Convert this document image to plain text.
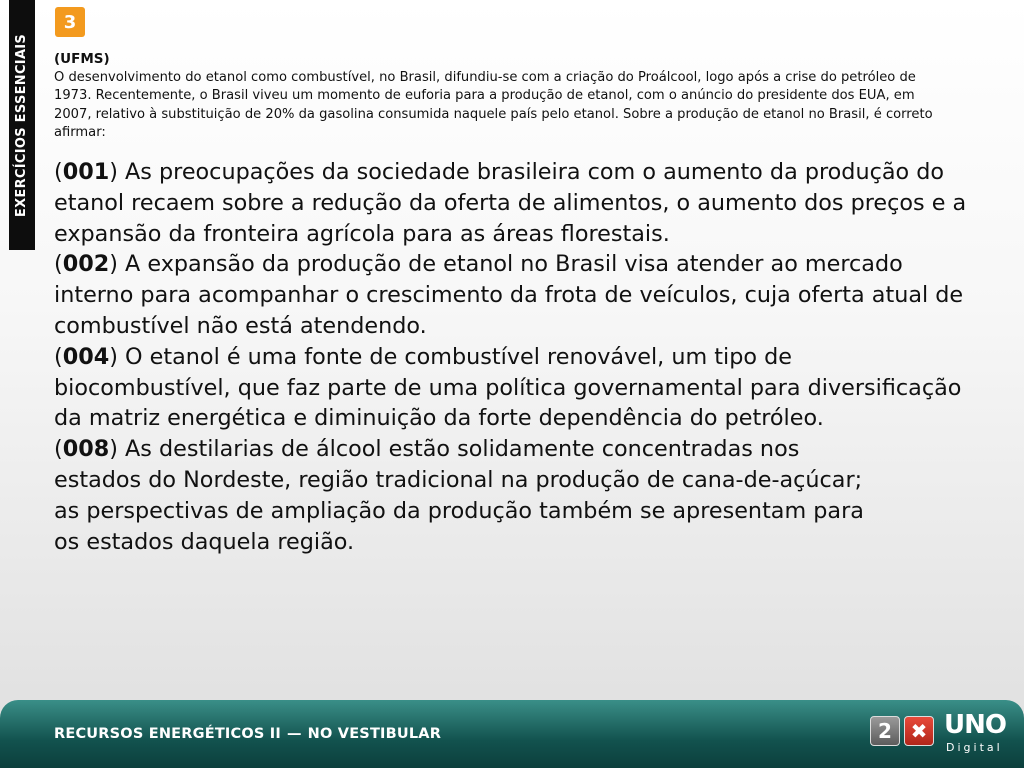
EXERCÍCIOS ESSENCIAIS
3
(UFMS)
O desenvolvimento do etanol como combustível, no Brasil, difundiu-se com a criação do Proálcool, logo após a crise do petróleo de 1973. Recentemente, o Brasil viveu um momento de euforia para a produção de etanol, com o anúncio do presidente dos EUA, em 2007, relativo à substituição de 20% da gasolina consumida naquele país pelo etanol. Sobre a produção de etanol no Brasil, é correto afirmar:

(001) As preocupações da sociedade brasileira com o aumento da produção do etanol recaem sobre a redução da oferta de alimentos, o aumento dos preços e a expansão da fronteira agrícola para as áreas florestais.

(002) A expansão da produção de etanol no Brasil visa atender ao mercado interno para acompanhar o crescimento da frota de veículos, cuja oferta atual de combustível não está atendendo.

(004) O etanol é uma fonte de combustível renovável, um tipo de biocombustível, que faz parte de uma política governamental para diversificação da matriz energética e diminuição da forte dependência do petróleo.

(008) As destilarias de álcool estão solidamente concentradas nos estados do Nordeste, região tradicional na produção de cana-de-açúcar; as perspectivas de ampliação da produção também se apresentam para os estados daquela região.

RECURSOS ENERGÉTICOS II — NO VESTIBULAR	2 ✖ UNO
Digital
